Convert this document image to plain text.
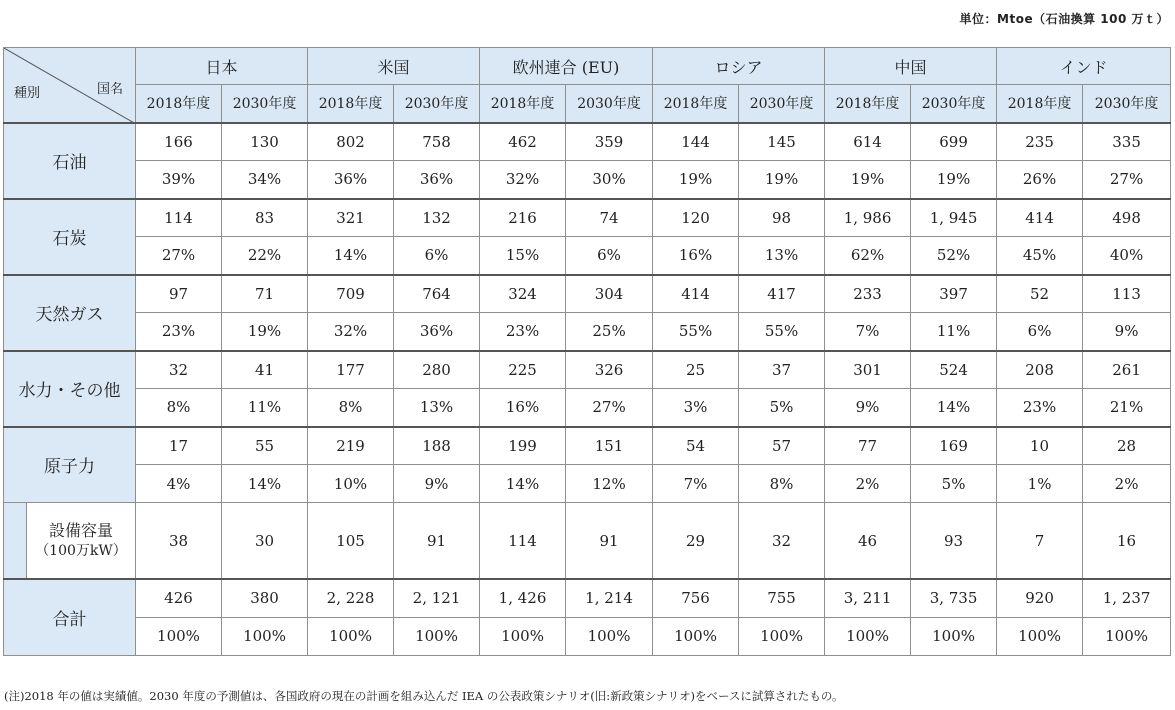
単位：Mtoe（石油換算 100 万ｔ）
種別 国名	日本		米国		欧州連合 (EU)		ロシア		中国		インド	
	2018年度	2030年度	2018年度	2030年度	2018年度	2030年度	2018年度	2030年度	2018年度	2030年度	2018年度	2030年度
石油	166	130	802	758	462	359	144	145	614	699	235	335
	39%	34%	36%	36%	32%	30%	19%	19%	19%	19%	26%	27%
石炭	114	83	321	132	216	74	120	98	1, 986	1, 945	414	498
	27%	22%	14%	6%	15%	6%	16%	13%	62%	52%	45%	40%
天然ガス	97	71	709	764	324	304	414	417	233	397	52	113
	23%	19%	32%	36%	23%	25%	55%	55%	7%	11%	6%	9%
水力・その他	32	41	177	280	225	326	25	37	301	524	208	261
	8%	11%	8%	13%	16%	27%	3%	5%	9%	14%	23%	21%
原子力	17	55	219	188	199	151	54	57	77	169	10	28
	4%	14%	10%	9%	14%	12%	7%	8%	2%	5%	1%	2%

設備容量
（100万kW）	38	30	105	91	114	91	29	32	46	93	7	16
合計	426	380	2, 228	2, 121	1, 426	1, 214	756	755	3, 211	3, 735	920	1, 237
	100%	100%	100%	100%	100%	100%	100%	100%	100%	100%	100%	100%
(注)2018 年の値は実績値。2030 年度の予測値は、各国政府の現在の計画を組み込んだ IEA の公表政策シナリオ(旧:新政策シナリオ)をベースに試算されたもの。
